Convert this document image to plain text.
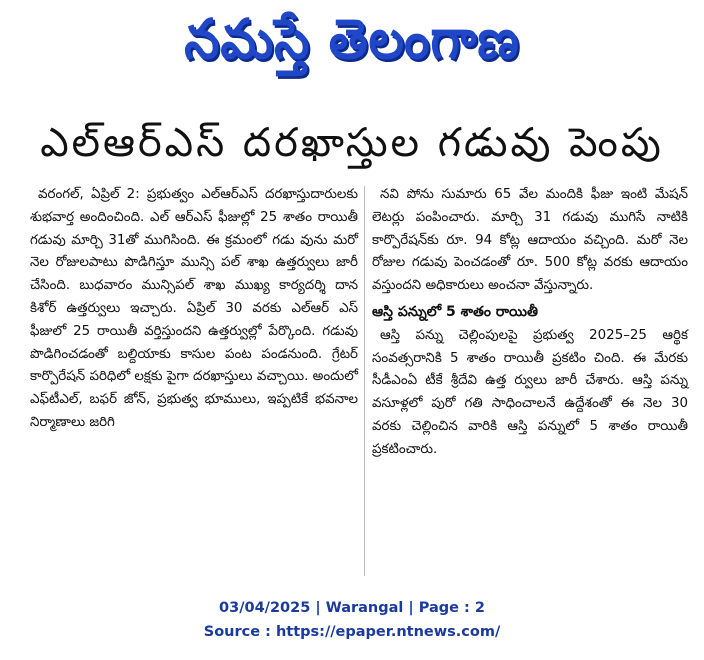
నమస్తే తెలంగాణ
ఎల్‌ఆర్‌ఎస్ దరఖాస్తుల గడువు పెంపు

వరంగల్, ఏప్రిల్ 2: ప్రభుత్వం ఎల్‌ఆర్‌ఎస్ దరఖాస్తుదారులకు శుభవార్త అందించింది. ఎల్ ఆర్‌ఎస్ ఫీజుల్లో 25 శాతం రాయితీ గడువు మార్చి 31తో ముగిసింది. ఈ క్రమంలో గడు వును మరో నెల రోజులపాటు పొడిగిస్తూ మున్సి పల్ శాఖ ఉత్తర్వులు జారీ చేసింది. బుధవారం మున్సిపల్ శాఖ ముఖ్య కార్యదర్శి దాన కిశోర్ ఉత్తర్వులు ఇచ్చారు. ఏప్రిల్ 30 వరకు ఎల్‌ఆర్ ఎస్ ఫీజులో 25 రాయితీ వర్తిస్తుందని ఉత్తర్వుల్లో పేర్కొంది. గడువు పొడిగించడంతో బల్దియాకు కాసుల పంట పండనుంది. గ్రేటర్ కార్పొరేషన్ పరిధిలో లక్షకు పైగా దరఖాస్తులు వచ్చాయి. అందులో ఎఫ్‌టీఎల్, బఫర్ జోన్, ప్రభుత్వ భూములు, ఇప్పటికే భవనాల నిర్మాణాలు జరిగి

నవి పోను సుమారు 65 వేల మందికి ఫీజు ఇంటి మేషన్ లెటర్లు పంపించారు. మార్చి 31 గడువు ముగిసే నాటికి కార్పొరేషన్‌కు రూ. 94 కోట్ల ఆదాయం వచ్చింది. మరో నెల రోజుల గడువు పెంచడంతో రూ. 500 కోట్ల వరకు ఆదాయం వస్తుందని అధికారులు అంచనా వేస్తున్నారు.

ఆస్తి పన్నులో 5 శాతం రాయితీ

ఆస్తి పన్ను చెల్లింపులపై ప్రభుత్వ 2025–25 ఆర్థిక సంవత్సరానికి 5 శాతం రాయితీ ప్రకటిం చింది. ఈ మేరకు సీడీఎంఏ టీకే శ్రీదేవి ఉత్త ర్వులు జారీ చేశారు. ఆస్తి పన్ను వసూళ్లలో పురో గతి సాధించాలనే ఉద్దేశంతో ఈ నెల 30 వరకు చెల్లించిన వారికి ఆస్తి పన్నులో 5 శాతం రాయితీ ప్రకటించారు.

03/04/2025 | Warangal | Page : 2
Source : https://epaper.ntnews.com/
